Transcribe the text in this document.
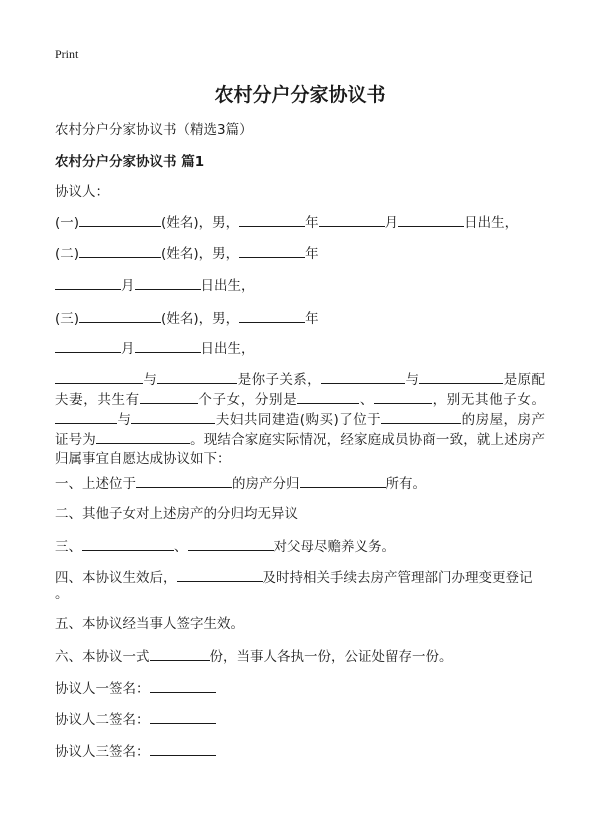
Print
农村分户分家协议书
农村分户分家协议书（精选3篇）
农村分户分家协议书 篇1
协议人：
(一)	(姓名)，男，	年	月	日出生，
(二)	(姓名)，男，	年
月	日出生，
(三)	(姓名)，男，	年
月	日出生，
与	是你子关系，	与	是原配夫妻，共生有	个子女，分别是	、	，别无其他子女。与	夫妇共同建造(购买)了位于	的房屋，房产证号为	。现结合家庭实际情况，经家庭成员协商一致，就上述房产归属事宜自愿达成协议如下：
一、上述位于	的房产分归	所有。
二、其他子女对上述房产的分归均无异议
三、	、	对父母尽赡养义务。
四、本协议生效后，	及时持相关手续去房产管理部门办理变更登记
。
五、本协议经当事人签字生效。
六、本协议一式	份，当事人各执一份，公证处留存一份。
协议人一签名：
协议人二签名：
协议人三签名：
